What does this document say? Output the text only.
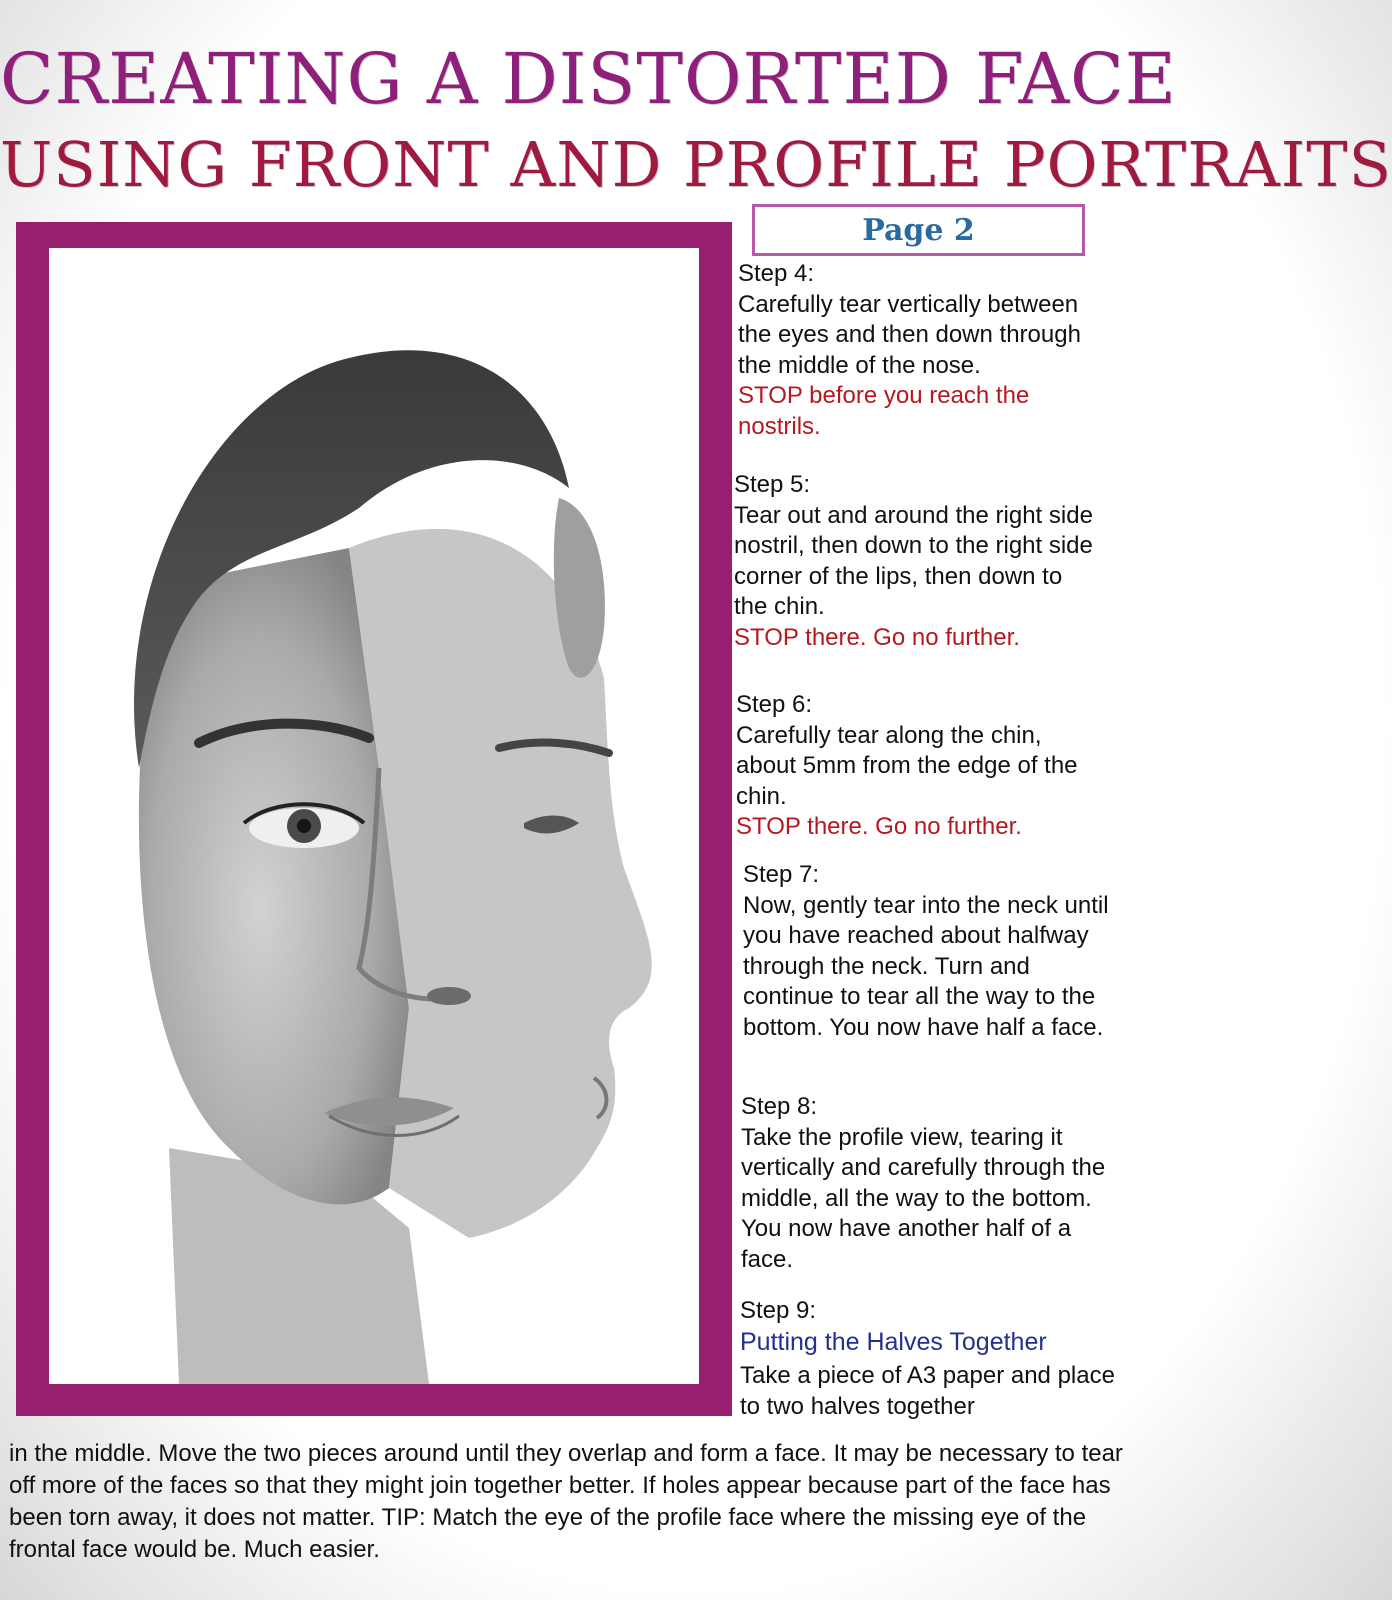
CREATING A DISTORTED FACE
USING FRONT AND PROFILE PORTRAITS
Page 2

Step 4:

Carefully tear vertically between the eyes and then down through the middle of the nose.

STOP before you reach the nostrils.

Step 5:

Tear out and around the right side nostril, then down to the right side corner of the lips, then down to the chin.

STOP there. Go no further.

Step 6:

Carefully tear along the chin, about 5mm from the edge of the chin.

STOP there. Go no further.

Step 7:

Now, gently tear into the neck until you have reached about halfway through the neck. Turn and continue to tear all the way to the bottom. You now have half a face.

Step 8:

Take the profile view, tearing it vertically and carefully through the middle, all the way to the bottom. You now have another half of a face.

Step 9:

Putting the Halves Together

Take a piece of A3 paper and place to two halves together

in the middle. Move the two pieces around until they overlap and form a face. It may be necessary to tear off more of the faces so that they might join together better. If holes appear because part of the face has been torn away, it does not matter. TIP: Match the eye of the profile face where the missing eye of the frontal face would be. Much easier.
